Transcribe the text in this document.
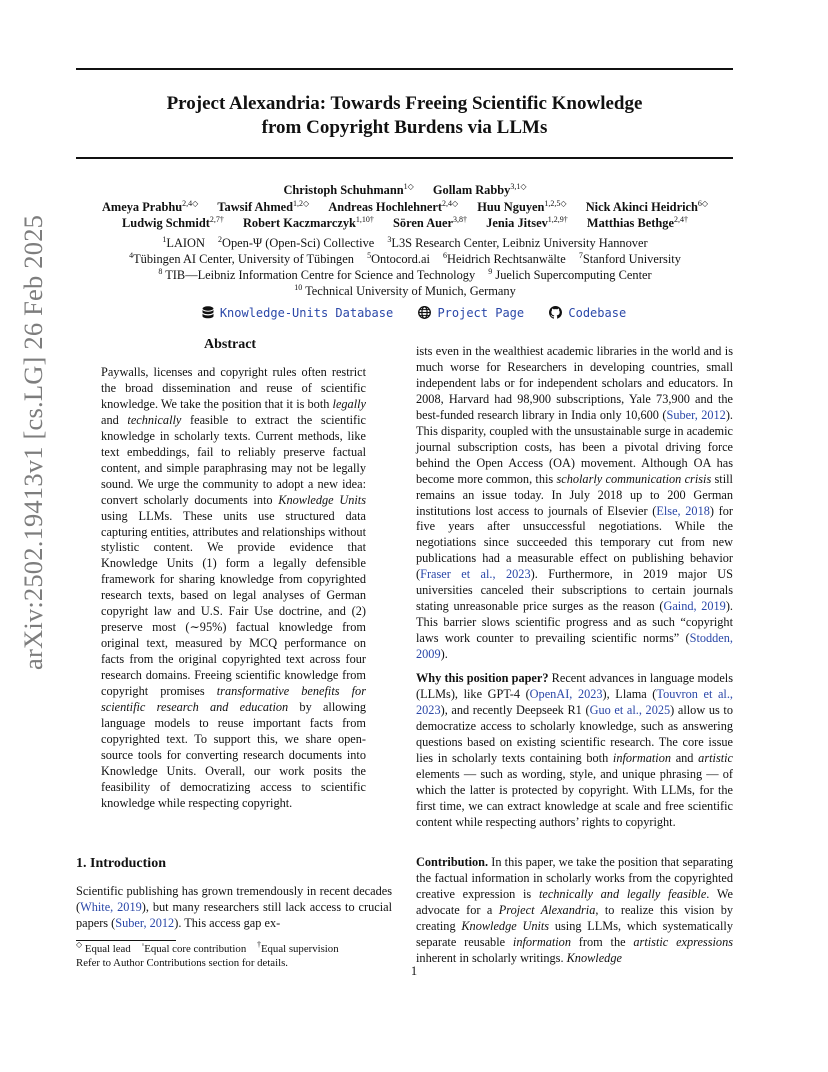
arXiv:2502.19413v1 [cs.LG] 26 Feb 2025
Project Alexandria: Towards Freeing Scientific Knowledge
from Copyright Burdens via LLMs
Christoph Schuhmann$^{1◇}$ Gollam Rabby$^{3,1◇}$
Ameya Prabhu$^{2,4◇}$ Tawsif Ahmed$^{1,2◇}$ Andreas Hochlehnert$^{2,4◇}$ Huu Nguyen$^{1,2,5◇}$ Nick Akinci Heidrich$^{6◇}$
Ludwig Schmidt$^{2,7\dagger}$ Robert Kaczmarczyk$^{1,10\dagger}$ Sören Auer$^{3,8\dagger}$ Jenia Jitsev$^{1,2,9\dagger}$ Matthias Bethge$^{2,4\dagger}$
$^1$LAION $^2$Open-Ψ (Open-Sci) Collective $^3$L3S Research Center, Leibniz University Hannover
$^4$Tübingen AI Center, University of Tübingen $^5$Ontocord.ai $^6$Heidrich Rechtsanwälte $^7$Stanford University
$^8$ TIB—Leibniz Information Centre for Science and Technology $^9$ Juelich Supercomputing Center
$^{10}$ Technical University of Munich, Germany
Knowledge-Units Database	Project Page	Codebase
Abstract

Paywalls, licenses and copyright rules often restrict the broad dissemination and reuse of scientific knowledge. We take the position that it is both legally and technically feasible to extract the scientific knowledge in scholarly texts. Current methods, like text embeddings, fail to reliably preserve factual content, and simple paraphrasing may not be legally sound. We urge the community to adopt a new idea: convert scholarly documents into Knowledge Units using LLMs. These units use structured data capturing entities, attributes and relationships without stylistic content. We provide evidence that Knowledge Units (1) form a legally defensible framework for sharing knowledge from copyrighted research texts, based on legal analyses of German copyright law and U.S. Fair Use doctrine, and (2) preserve most (∼95%) factual knowledge from original text, measured by MCQ performance on facts from the original copyrighted text across four research domains. Freeing scientific knowledge from copyright promises transformative benefits for scientific research and education by allowing language models to reuse important facts from copyrighted text. To support this, we share open-source tools for converting research documents into Knowledge Units. Overall, our work posits the feasibility of democratizing access to scientific knowledge while respecting copyright.

1. Introduction

Scientific publishing has grown tremendously in recent decades (White, 2019), but many researchers still lack access to crucial papers (Suber, 2012). This access gap ex-

◇ Equal lead ◦Equal core contribution †Equal supervision
Refer to Author Contributions section for details.

ists even in the wealthiest academic libraries in the world and is much worse for Researchers in developing countries, small independent labs or for independent scholars and educators. In 2008, Harvard had 98,900 subscriptions, Yale 73,900 and the best-funded research library in India only 10,600 (Suber, 2012). This disparity, coupled with the unsustainable surge in academic journal subscription costs, has been a pivotal driving force behind the Open Access (OA) movement. Although OA has become more common, this scholarly communication crisis still remains an issue today. In July 2018 up to 200 German institutions lost access to journals of Elsevier (Else, 2018) for five years after unsuccessful negotiations. While the negotiations since succeeded this temporary cut from new publications had a measurable effect on publishing behavior (Fraser et al., 2023). Furthermore, in 2019 major US universities canceled their subscriptions to certain journals stating unreasonable price surges as the reason (Gaind, 2019). This barrier slows scientific progress and as such “copyright laws work counter to prevailing scientific norms” (Stodden, 2009).

Why this position paper? Recent advances in language models (LLMs), like GPT-4 (OpenAI, 2023), Llama (Touvron et al., 2023), and recently Deepseek R1 (Guo et al., 2025) allow us to democratize access to scholarly knowledge, such as answering questions based on existing scientific research. The core issue lies in scholarly texts containing both information and artistic elements — such as wording, style, and unique phrasing — of which the latter is protected by copyright. With LLMs, for the first time, we can extract knowledge at scale and free scientific content while respecting authors’ rights to copyright.

Contribution. In this paper, we take the position that separating the factual information in scholarly works from the copyrighted creative expression is technically and legally feasible. We advocate for a Project Alexandria, to realize this vision by creating Knowledge Units using LLMs, which systematically separate reusable information from the artistic expressions inherent in scholarly writings. Knowledge

1
